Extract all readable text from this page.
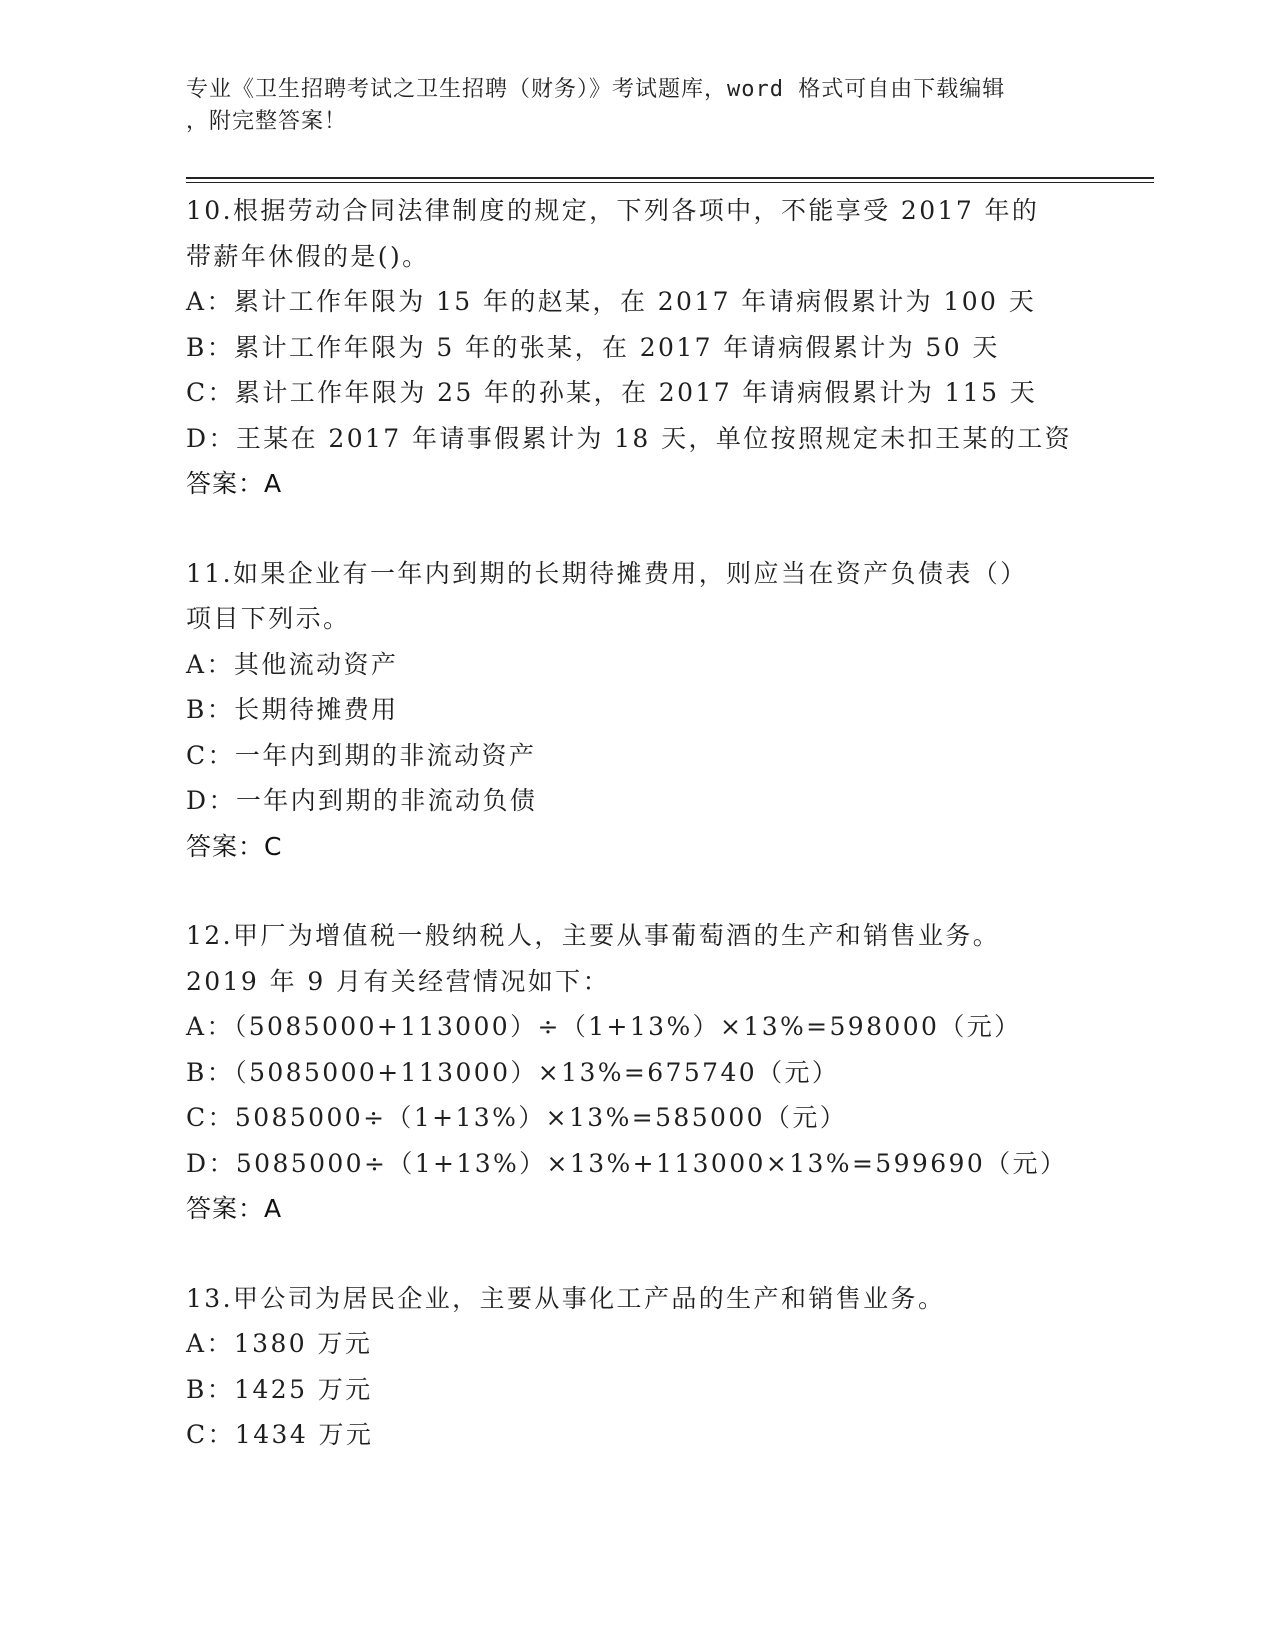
专业《卫生招聘考试之卫生招聘（财务）》考试题库，word 格式可自由下载编辑
，附完整答案！
10.根据劳动合同法律制度的规定，下列各项中，不能享受 2017 年的
带薪年休假的是()。
A：累计工作年限为 15 年的赵某，在 2017 年请病假累计为 100 天
B：累计工作年限为 5 年的张某，在 2017 年请病假累计为 50 天
C：累计工作年限为 25 年的孙某，在 2017 年请病假累计为 115 天
D：王某在 2017 年请事假累计为 18 天，单位按照规定未扣王某的工资
答案：A
11.如果企业有一年内到期的长期待摊费用，则应当在资产负债表（）
项目下列示。
A：其他流动资产
B：长期待摊费用
C：一年内到期的非流动资产
D：一年内到期的非流动负债
答案：C
12.甲厂为增值税一般纳税人，主要从事葡萄酒的生产和销售业务。
2019 年 9 月有关经营情况如下：
A：（5085000+113000）÷（1+13%）×13%=598000（元）
B：（5085000+113000）×13%=675740（元）
C：5085000÷（1+13%）×13%=585000（元）
D：5085000÷（1+13%）×13%+113000×13%=599690（元）
答案：A
13.甲公司为居民企业，主要从事化工产品的生产和销售业务。
A：1380 万元
B：1425 万元
C：1434 万元
